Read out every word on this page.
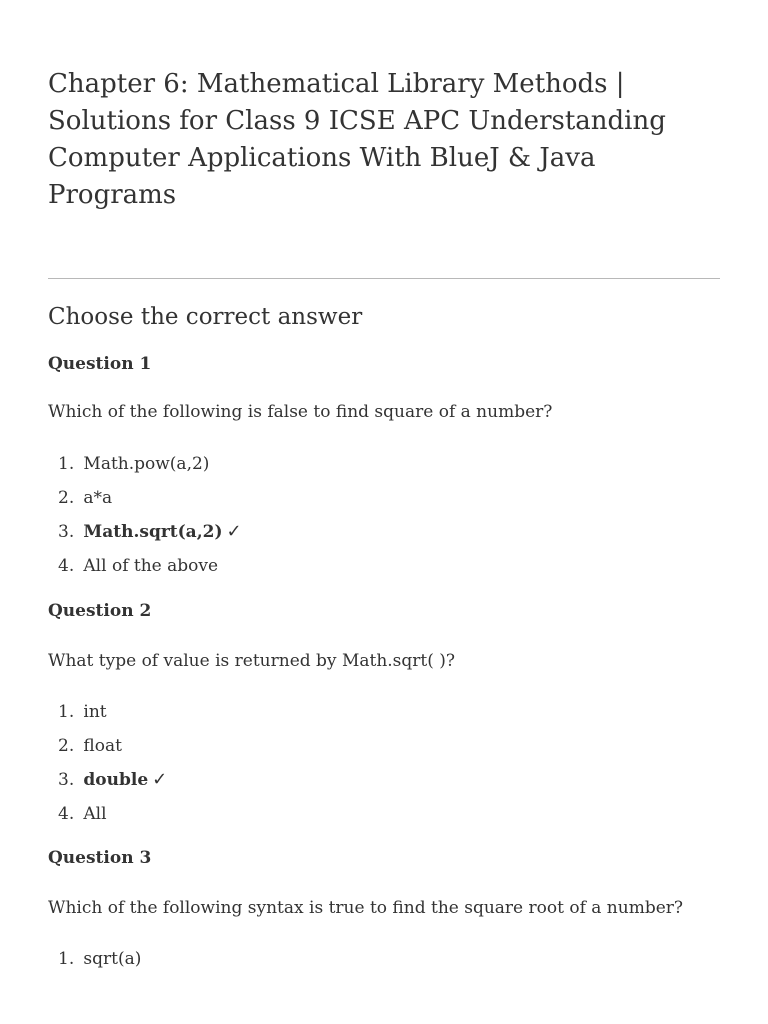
Chapter 6: Mathematical Library Methods | Solutions for Class 9 ICSE APC Understanding Computer Applications With BlueJ & Java Programs
Choose the correct answer

Question 1

Which of the following is false to find square of a number?

1. Math.pow(a,2)
2. a*a
3. Math.sqrt(a,2) ✓
4. All of the above

Question 2

What type of value is returned by Math.sqrt( )?

1. int
2. float
3. double ✓
4. All

Question 3

Which of the following syntax is true to find the square root of a number?

1. sqrt(a)
